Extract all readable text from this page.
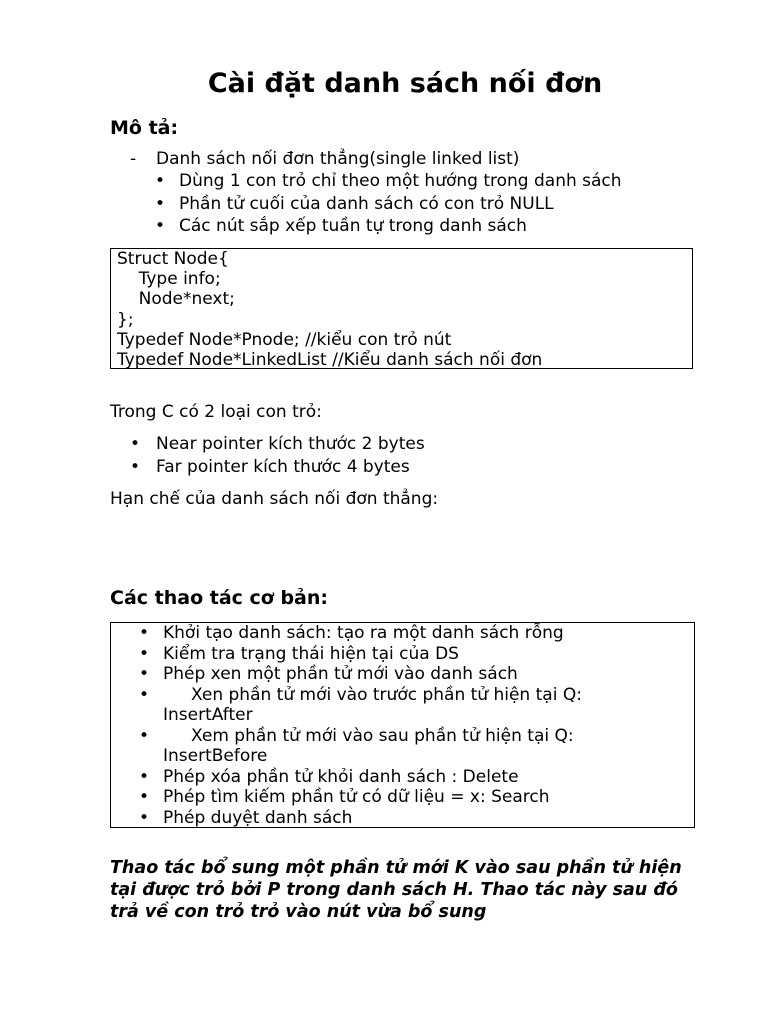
Cài đặt danh sách nối đơn
Mô tả:
- Danh sách nối đơn thẳng(single linked list)
• Dùng 1 con trỏ chỉ theo một hướng trong danh sách
• Phần tử cuối của danh sách có con trỏ NULL
• Các nút sắp xếp tuần tự trong danh sách
Struct Node{
Type info;
Node*next;
};
Typedef Node*Pnode; //kiểu con trỏ nút
Typedef Node*LinkedList //Kiểu danh sách nối đơn
Trong C có 2 loại con trỏ:
• Near pointer kích thước 2 bytes
• Far pointer kích thước 4 bytes
Hạn chế của danh sách nối đơn thẳng:
Các thao tác cơ bản:
• Khởi tạo danh sách: tạo ra một danh sách rỗng
• Kiểm tra trạng thái hiện tại của DS
• Phép xen một phần tử mới vào danh sách
• Xen phần tử mới vào trước phần tử hiện tại Q:
InsertAfter
• Xem phần tử mới vào sau phần tử hiện tại Q:
InsertBefore
• Phép xóa phần tử khỏi danh sách : Delete
• Phép tìm kiếm phần tử có dữ liệu = x: Search
• Phép duyệt danh sách
Thao tác bổ sung một phần tử mới K vào sau phần tử hiện tại được trỏ bởi P trong danh sách H. Thao tác này sau đó trả về con trỏ trỏ vào nút vừa bổ sung
